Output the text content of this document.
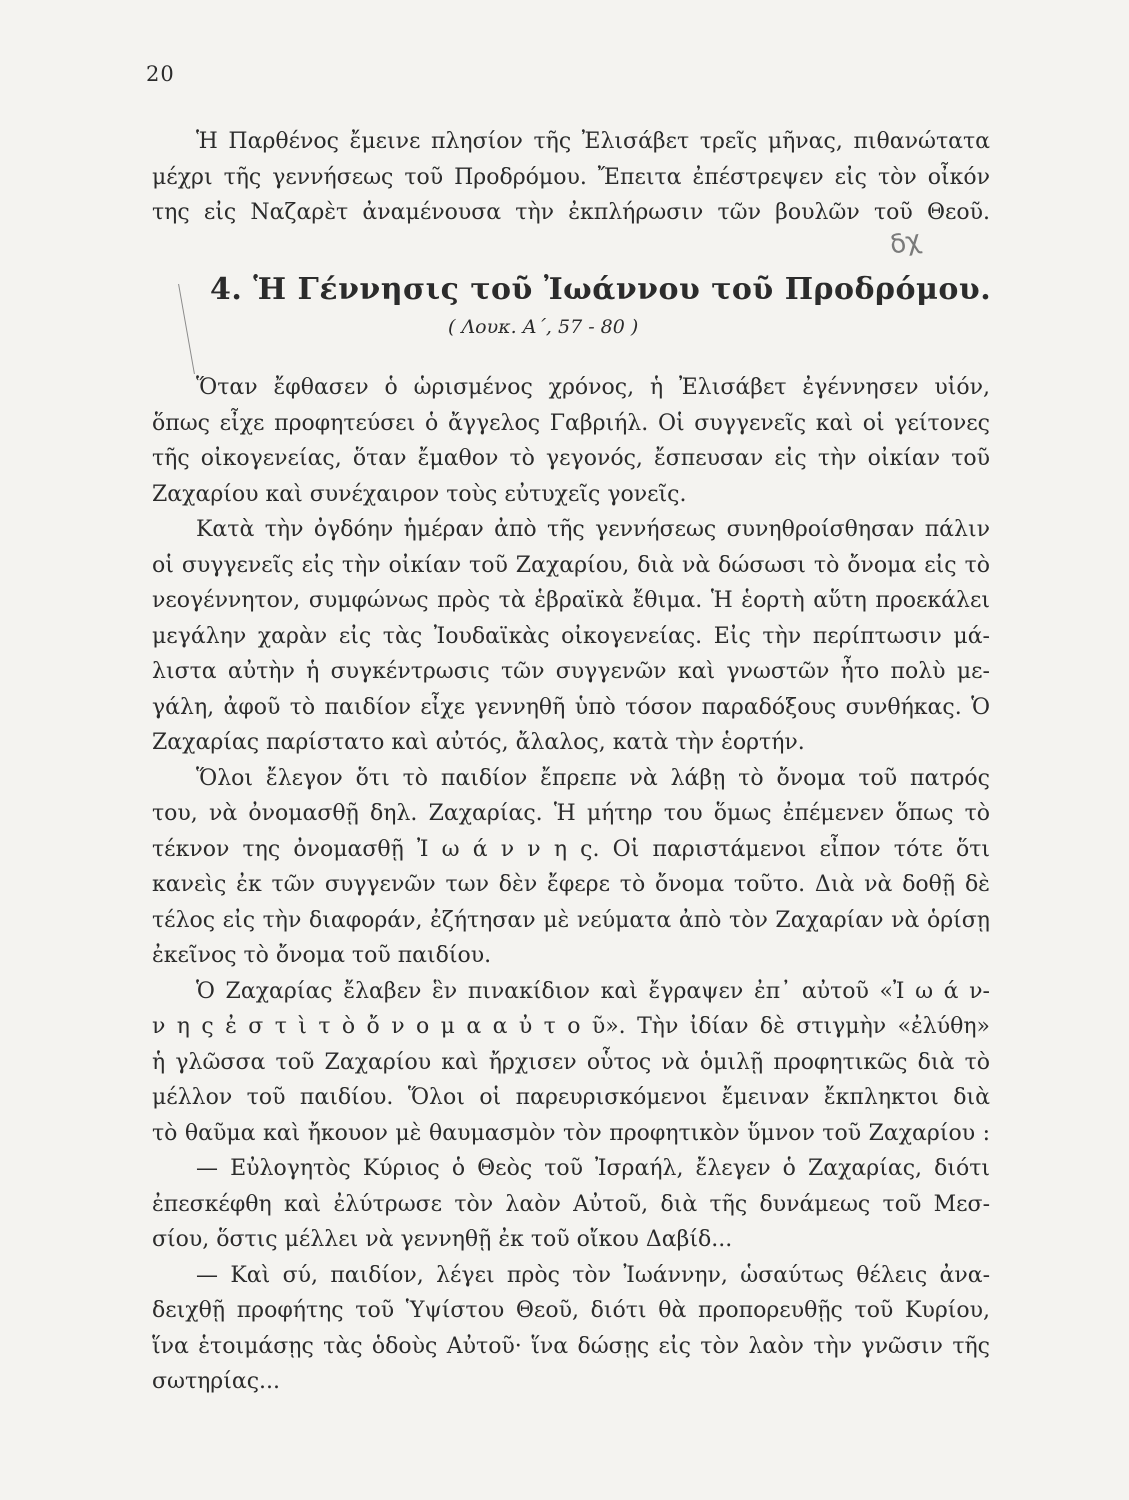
20
Ἡ Παρθένος ἔμεινε πλησίον τῆς Ἐλισάβετ τρεῖς μῆνας, πιθανώτατα
μέχρι τῆς γεννήσεως τοῦ Προδρόμου. Ἔπειτα ἐπέστρεψεν εἰς τὸν οἶκόν
της εἰς Ναζαρὲτ ἀναμένουσα τὴν ἐκπλήρωσιν τῶν βουλῶν τοῦ Θεοῦ.
δχ
4. Ἡ Γέννησις τοῦ Ἰωάννου τοῦ Προδρόμου.
( Λουκ. Α΄, 57 - 80 )
Ὅταν ἔφθασεν ὁ ὡρισμένος χρόνος, ἡ Ἐλισάβετ ἐγέννησεν υἱόν,
ὅπως εἶχε προφητεύσει ὁ ἄγγελος Γαβριήλ. Οἱ συγγενεῖς καὶ οἱ γείτονες
τῆς οἰκογενείας, ὅταν ἔμαθον τὸ γεγονός, ἔσπευσαν εἰς τὴν οἰκίαν τοῦ
Ζαχαρίου καὶ συνέχαιρον τοὺς εὐτυχεῖς γονεῖς.
Κατὰ τὴν ὀγδόην ἡμέραν ἀπὸ τῆς γεννήσεως συνηθροίσθησαν πάλιν
οἱ συγγενεῖς εἰς τὴν οἰκίαν τοῦ Ζαχαρίου, διὰ νὰ δώσωσι τὸ ὄνομα εἰς τὸ
νεογέννητον, συμφώνως πρὸς τὰ ἑβραϊκὰ ἔθιμα. Ἡ ἑορτὴ αὕτη προεκάλει
μεγάλην χαρὰν εἰς τὰς Ἰουδαϊκὰς οἰκογενείας. Εἰς τὴν περίπτωσιν μά-
λιστα αὐτὴν ἡ συγκέντρωσις τῶν συγγενῶν καὶ γνωστῶν ἦτο πολὺ με-
γάλη, ἀφοῦ τὸ παιδίον εἶχε γεννηθῆ ὑπὸ τόσον παραδόξους συνθήκας. Ὁ
Ζαχαρίας παρίστατο καὶ αὐτός, ἄλαλος, κατὰ τὴν ἑορτήν.
Ὅλοι ἔλεγον ὅτι τὸ παιδίον ἔπρεπε νὰ λάβῃ τὸ ὄνομα τοῦ πατρός
του, νὰ ὀνομασθῇ δηλ. Ζαχαρίας. Ἡ μήτηρ του ὅμως ἐπέμενεν ὅπως τὸ
τέκνον της ὀνομασθῇ Ἰ ω ά ν ν η ς. Οἱ παριστάμενοι εἶπον τότε ὅτι
κανεὶς ἐκ τῶν συγγενῶν των δὲν ἔφερε τὸ ὄνομα τοῦτο. Διὰ νὰ δοθῇ δὲ
τέλος εἰς τὴν διαφοράν, ἐζήτησαν μὲ νεύματα ἀπὸ τὸν Ζαχαρίαν νὰ ὁρίσῃ
ἐκεῖνος τὸ ὄνομα τοῦ παιδίου.
Ὁ Ζαχαρίας ἔλαβεν ἓν πινακίδιον καὶ ἔγραψεν ἐπ᾿ αὐτοῦ «Ἰ ω ά ν-
ν η ς ἐ σ τ ὶ τ ὸ ὄ ν ο μ α α ὐ τ ο ῦ». Τὴν ἰδίαν δὲ στιγμὴν «ἐλύθη»
ἡ γλῶσσα τοῦ Ζαχαρίου καὶ ἤρχισεν οὗτος νὰ ὁμιλῇ προφητικῶς διὰ τὸ
μέλλον τοῦ παιδίου. Ὅλοι οἱ παρευρισκόμενοι ἔμειναν ἔκπληκτοι διὰ
τὸ θαῦμα καὶ ἤκουον μὲ θαυμασμὸν τὸν προφητικὸν ὕμνον τοῦ Ζαχαρίου :
— Εὐλογητὸς Κύριος ὁ Θεὸς τοῦ Ἰσραήλ, ἔλεγεν ὁ Ζαχαρίας, διότι
ἐπεσκέφθη καὶ ἐλύτρωσε τὸν λαὸν Αὐτοῦ, διὰ τῆς δυνάμεως τοῦ Μεσ-
σίου, ὅστις μέλλει νὰ γεννηθῇ ἐκ τοῦ οἴκου Δαβίδ...
— Καὶ σύ, παιδίον, λέγει πρὸς τὸν Ἰωάννην, ὡσαύτως θέλεις ἀνα-
δειχθῇ προφήτης τοῦ Ὑψίστου Θεοῦ, διότι θὰ προπορευθῇς τοῦ Κυρίου,
ἵνα ἑτοιμάσῃς τὰς ὁδοὺς Αὐτοῦ· ἵνα δώσῃς εἰς τὸν λαὸν τὴν γνῶσιν τῆς
σωτηρίας...
